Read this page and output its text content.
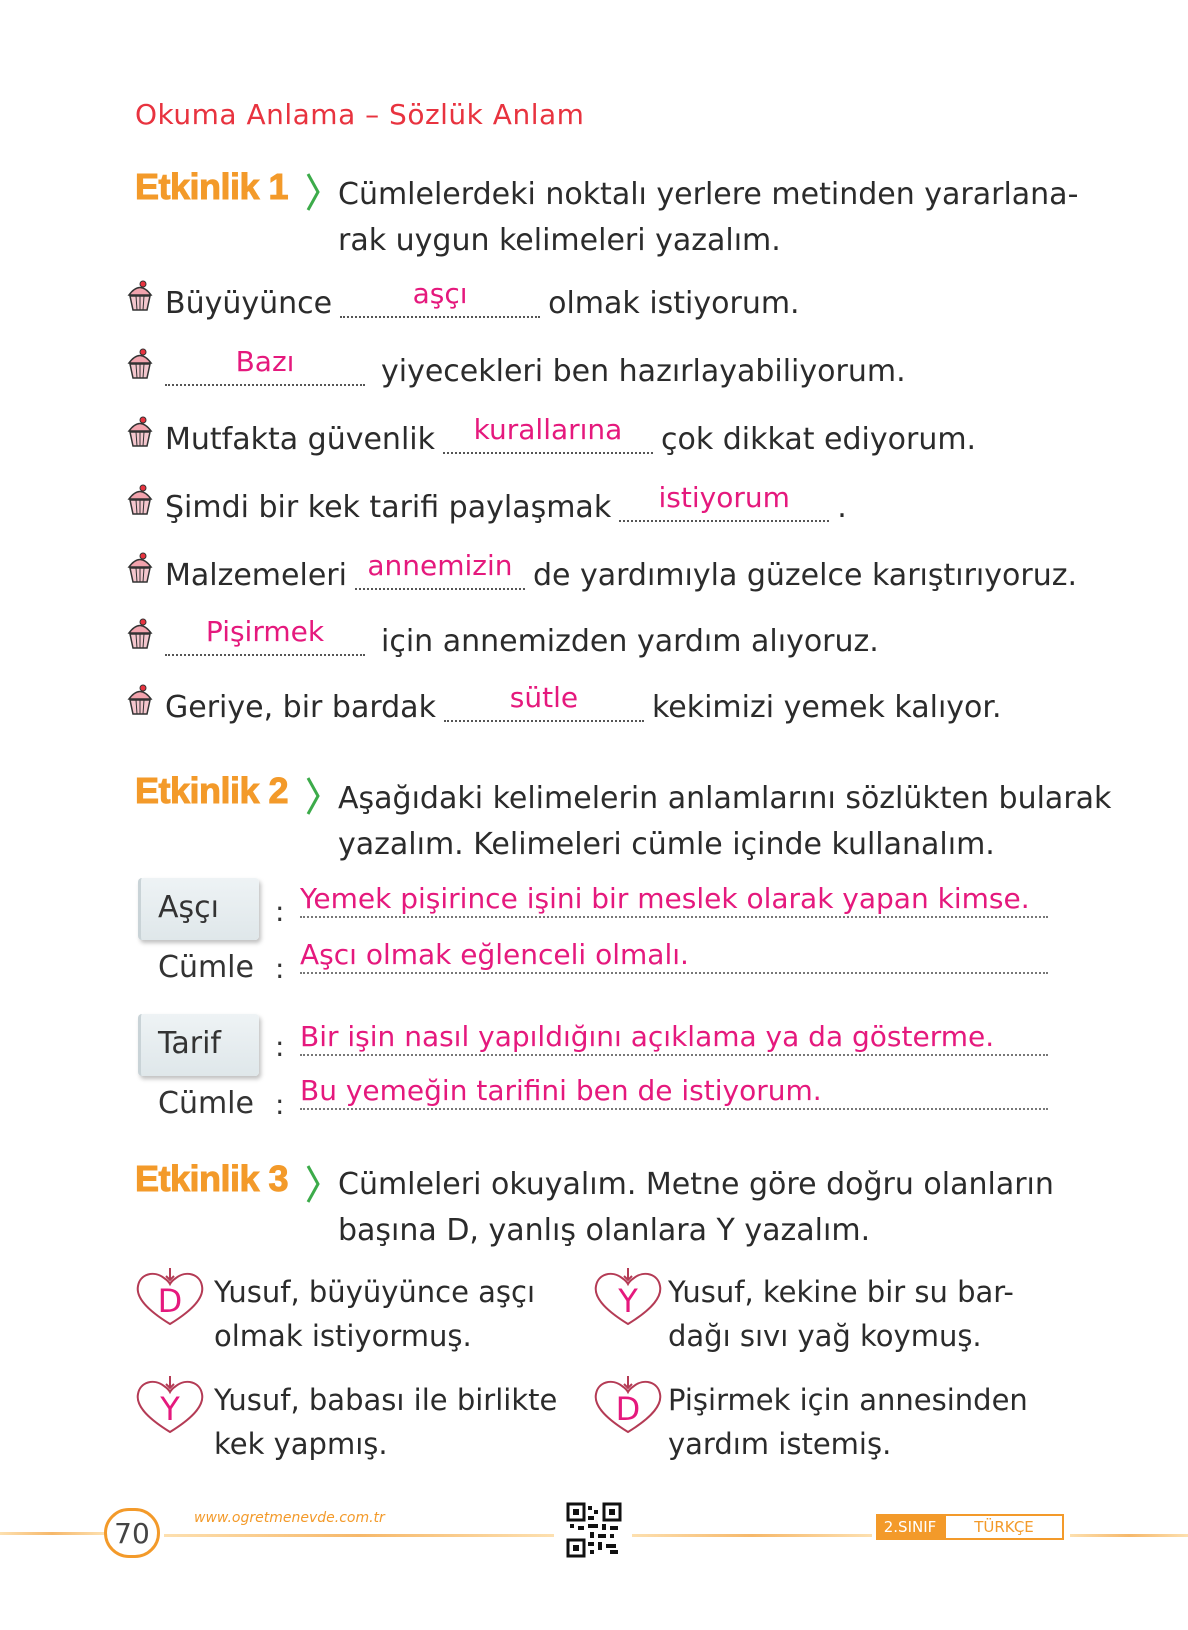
Okuma Anlama – Sözlük Anlam
Etkinlik 1 Cümlelerdeki noktalı yerlere metinden yararlana-
rak uygun kelimeleri yazalım.
Büyüyünce	aşçı	olmak istiyorum.
Bazı	yiyecekleri ben hazırlayabiliyorum.
Mutfakta güvenlik kurallarına çok dikkat ediyorum.
Şimdi bir kek tarifi paylaşmak istiyorum .
Malzemeleri annemizin de yardımıyla güzelce karıştırıyoruz.
Pişirmek için annemizden yardım alıyoruz.
Geriye, bir bardak	sütle kekimizi yemek kalıyor.
Etkinlik 2 Aşağıdaki kelimelerin anlamlarını sözlükten bularak
yazalım. Kelimeleri cümle içinde kullanalım.
Aşçı : Yemek pişirince işini bir meslek olarak yapan kimse.
Cümle : Aşcı olmak eğlenceli olmalı.
Tarif : Bir işin nasıl yapıldığını açıklama ya da gösterme.
Cümle : Bu yemeğin tarifini ben de istiyorum.
Etkinlik 3 Cümleleri okuyalım. Metne göre doğru olanların
başına D, yanlış olanlara Y yazalım.
D	Yusuf, büyüyünce aşçı
olmak istiyormuş.
Y	Yusuf, kekine bir su bar-
dağı sıvı yağ koymuş.
Y	Yusuf, babası ile birlikte
kek yapmış.
D Pişirmek için annesinden
yardım istemiş.
70	www.ogretmenevde.com.tr	2.SINIF	TÜRKÇE
